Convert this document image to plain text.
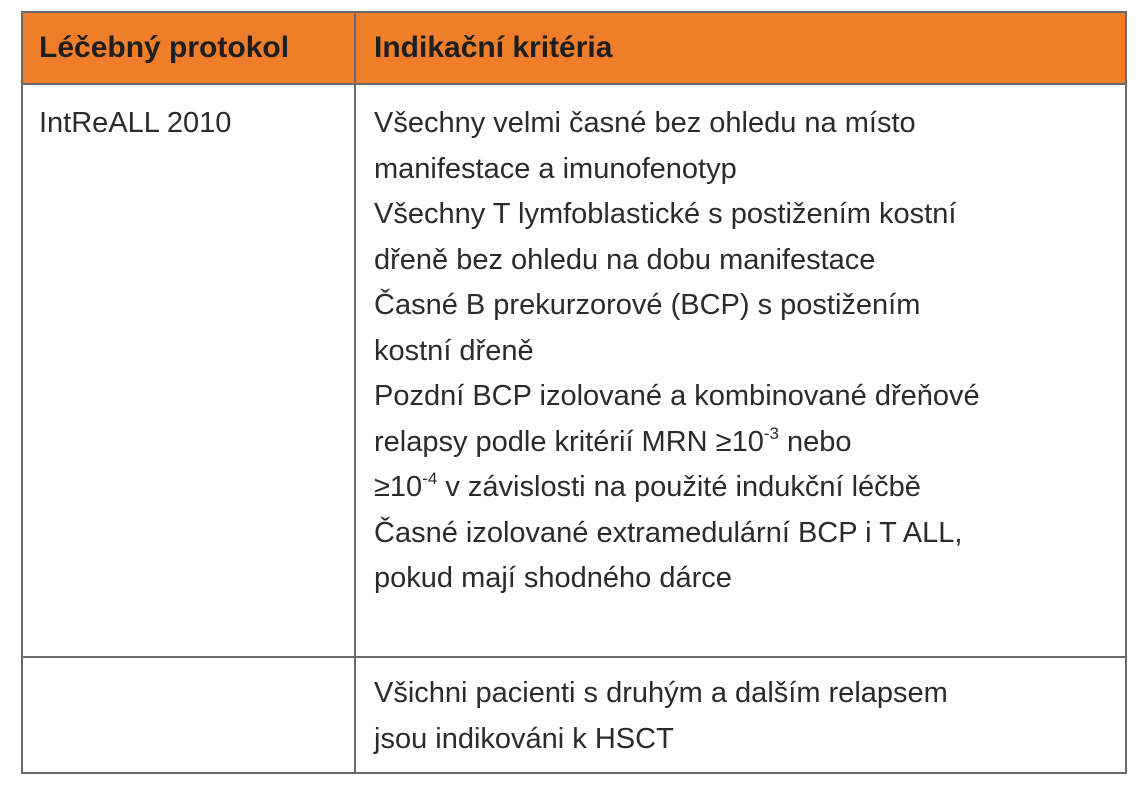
Léčebný protokol	Indikační kritéria
IntReALL 2010	Všechny velmi časné bez ohledu na místo
manifestace a imunofenotyp
Všechny T lymfoblastické s postižením kostní
dřeně bez ohledu na dobu manifestace
Časné B prekurzorové (BCP) s postižením
kostní dřeně
Pozdní BCP izolované a kombinované dřeňové
relapsy podle kritérií MRN $\ge 10^{-3}$ nebo
$\ge 10^{-4}$ v závislosti na použité indukční léčbě
Časné izolované extramedulární BCP i T ALL,
pokud mají shodného dárce
Všichni pacienti s druhým a dalším relapsem
jsou indikováni k HSCT
